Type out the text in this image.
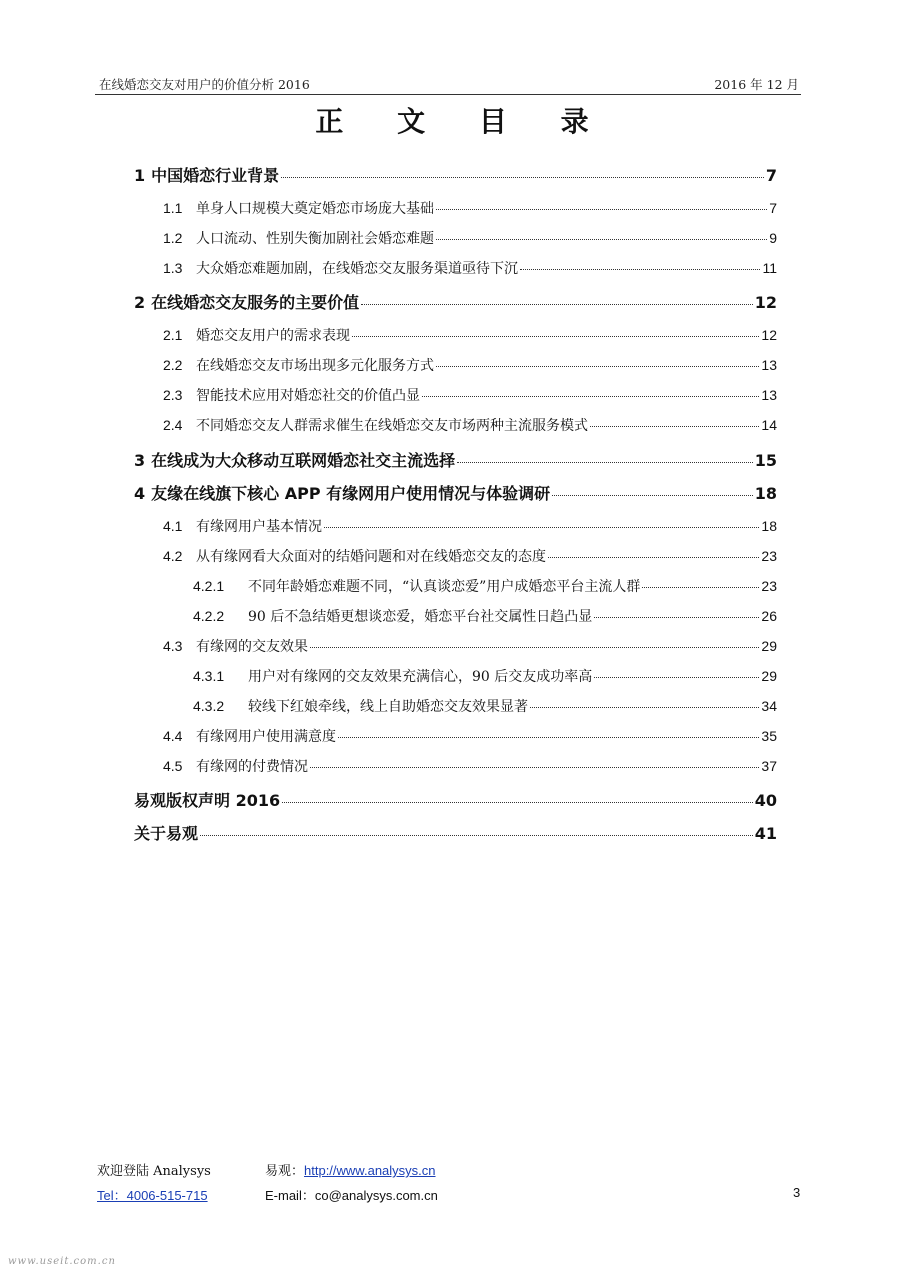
在线婚恋交友对用户的价值分析 2016	2016 年 12 月
正 文 目 录
1 中国婚恋行业背景	7
1.1 单身人口规模大奠定婚恋市场庞大基础	7
1.2 人口流动、性别失衡加剧社会婚恋难题	9
1.3 大众婚恋难题加剧，在线婚恋交友服务渠道亟待下沉	11
2 在线婚恋交友服务的主要价值	12
2.1 婚恋交友用户的需求表现	12
2.2 在线婚恋交友市场出现多元化服务方式	13
2.3 智能技术应用对婚恋社交的价值凸显	13
2.4 不同婚恋交友人群需求催生在线婚恋交友市场两种主流服务模式	14
3 在线成为大众移动互联网婚恋社交主流选择	15
4 友缘在线旗下核心 APP 有缘网用户使用情况与体验调研	18
4.1 有缘网用户基本情况	18
4.2 从有缘网看大众面对的结婚问题和对在线婚恋交友的态度	23
4.2.1	不同年龄婚恋难题不同，“认真谈恋爱”用户成婚恋平台主流人群	23
4.2.2	90 后不急结婚更想谈恋爱，婚恋平台社交属性日趋凸显	26
4.3 有缘网的交友效果	29
4.3.1	用户对有缘网的交友效果充满信心，90 后交友成功率高	29
4.3.2	较线下红娘牵线，线上自助婚恋交友效果显著	34
4.4 有缘网用户使用满意度	35
4.5 有缘网的付费情况	37
易观版权声明 2016	40
关于易观	41
欢迎登陆 Analysys	易观：http://www.analysys.cn
Tel：4006-515-715	E-mail：co@analysys.com.cn	3
www.useit.com.cn
